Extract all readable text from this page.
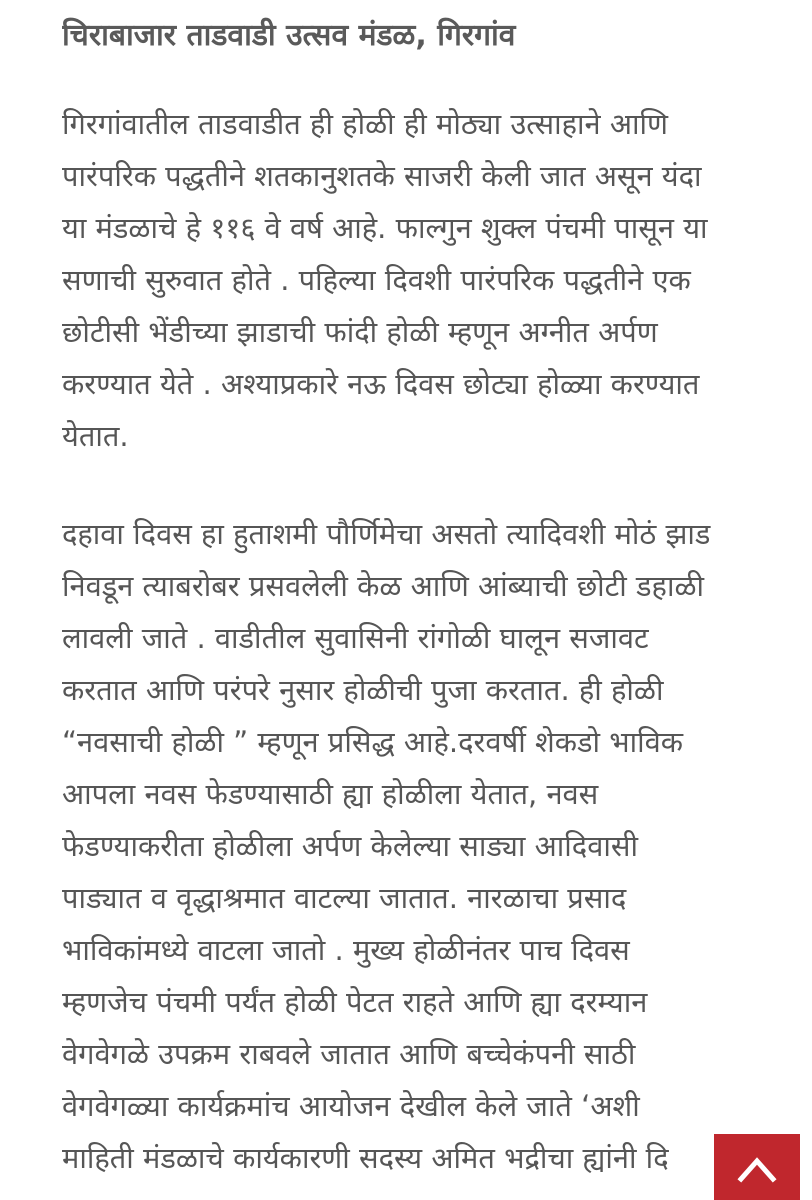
चिराबाजार ताडवाडी उत्सव मंडळ, गिरगांव

गिरगांवातील ताडवाडीत ही होळी ही मोठ्या उत्साहाने आणि
पारंपरिक पद्धतीने शतकानुशतके साजरी केली जात असून यंदा
या मंडळाचे हे ११६ वे वर्ष आहे. फाल्गुन शुक्ल पंचमी पासून या
सणाची सुरुवात होते . पहिल्या दिवशी पारंपरिक पद्धतीने एक
छोटीसी भेंडीच्या झाडाची फांदी होळी म्हणून अग्नीत अर्पण
करण्यात येते . अश्याप्रकारे नऊ दिवस छोट्या होळ्या करण्यात
येतात.

दहावा दिवस हा हुताशमी पौर्णिमेचा असतो त्यादिवशी मोठं झाड
निवडून त्याबरोबर प्रसवलेली केळ आणि आंब्याची छोटी डहाळी
लावली जाते . वाडीतील सुवासिनी रांगोळी घालून सजावट
करतात आणि परंपरे नुसार होळीची पुजा करतात. ही होळी
“नवसाची होळी ” म्हणून प्रसिद्ध आहे.दरवर्षी शेकडो भाविक
आपला नवस फेडण्यासाठी ह्या होळीला येतात, नवस
फेडण्याकरीता होळीला अर्पण केलेल्या साड्या आदिवासी
पाड्यात व वृद्धाश्रमात वाटल्या जातात. नारळाचा प्रसाद
भाविकांमध्ये वाटला जातो . मुख्य होळीनंतर पाच दिवस
म्हणजेच पंचमी पर्यंत होळी पेटत राहते आणि ह्या दरम्यान
वेगवेगळे उपक्रम राबवले जातात आणि बच्चेकंपनी साठी
वेगवेगळ्या कार्यक्रमांच आयोजन देखील केले जाते ‘अशी
माहिती मंडळाचे कार्यकारणी सदस्य अमित भद्रीचा ह्यांनी दि
